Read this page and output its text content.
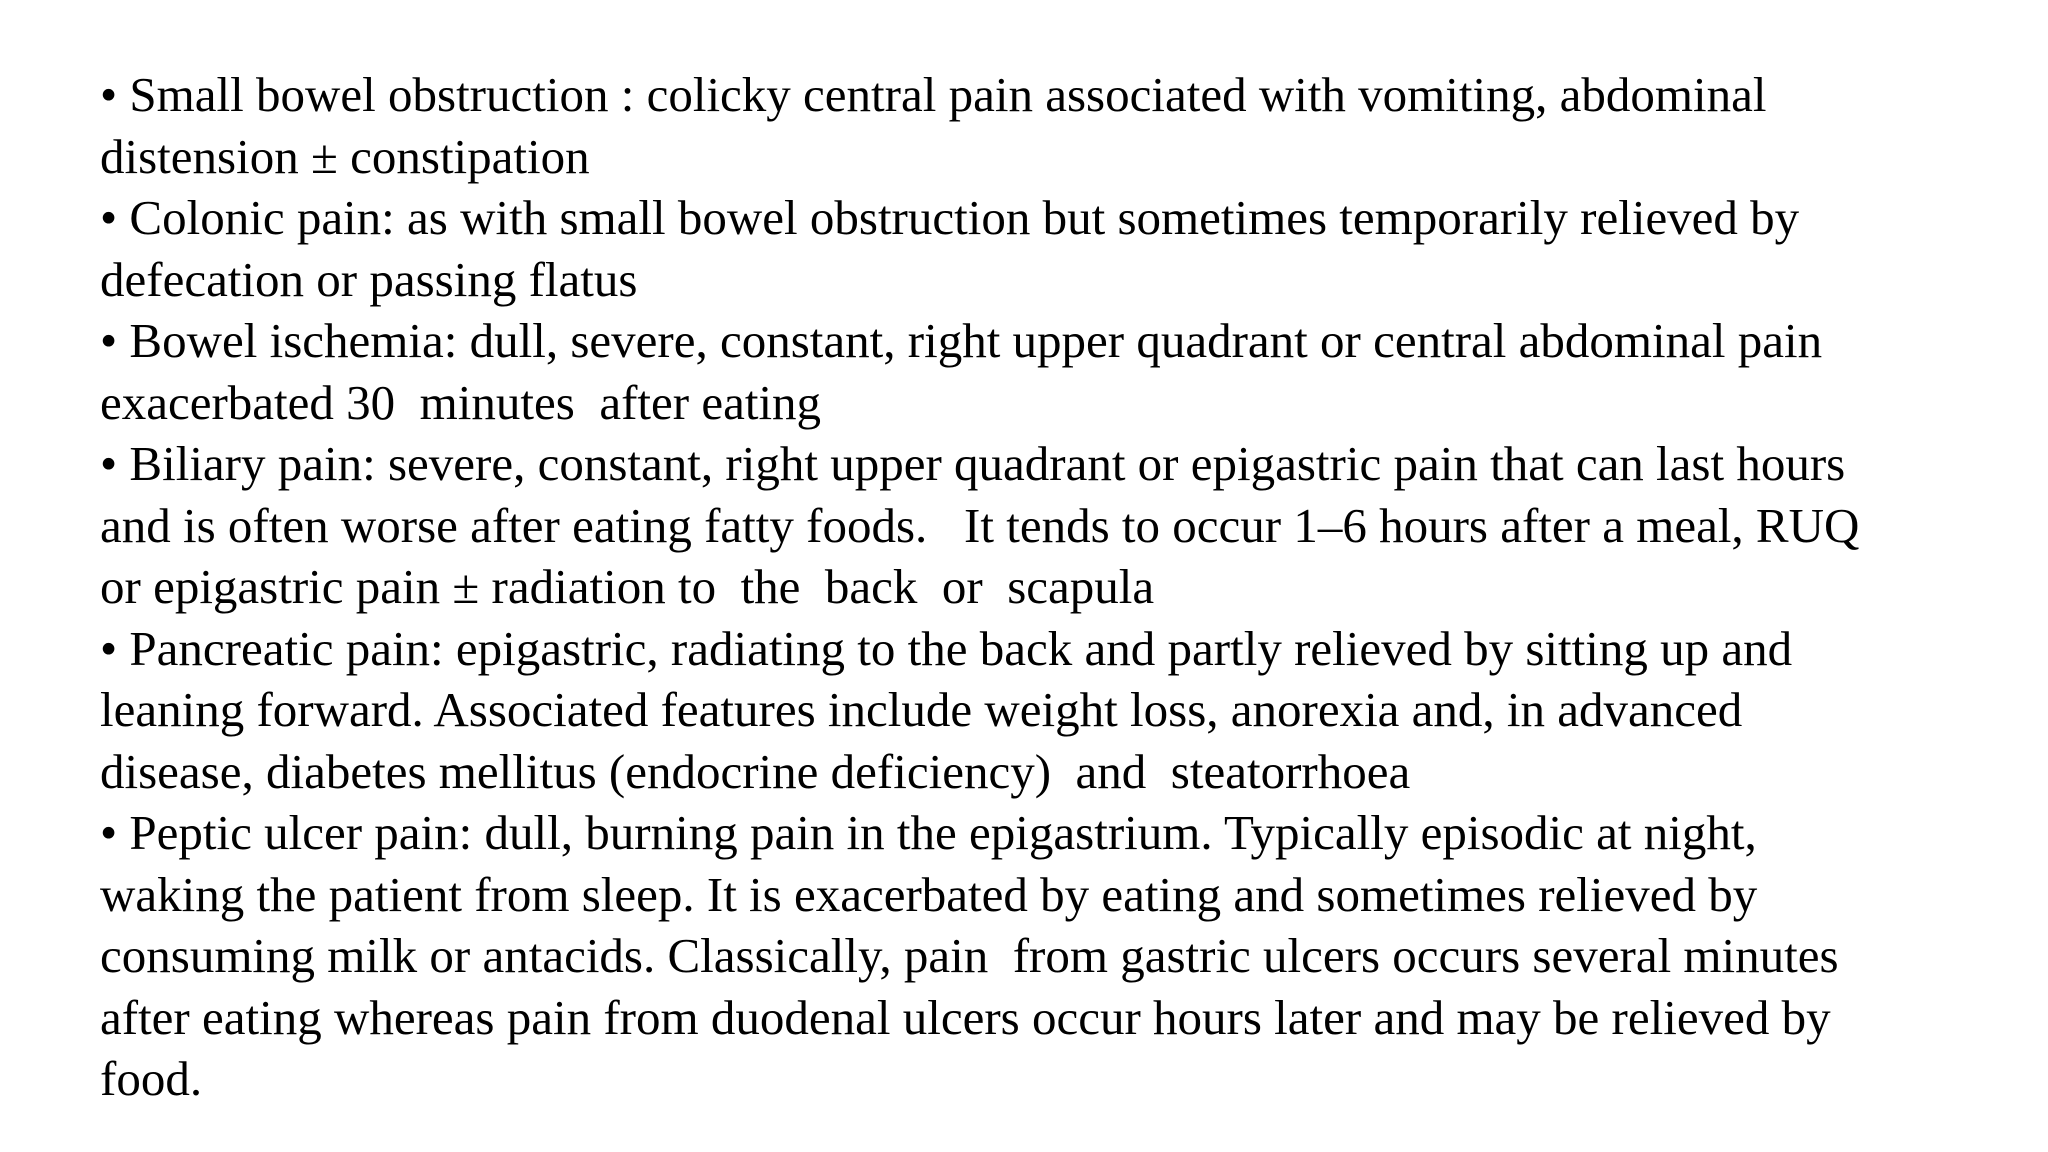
• Small bowel obstruction : colicky central pain associated with vomiting, abdominal
distension ± constipation
• Colonic pain: as with small bowel obstruction but sometimes temporarily relieved by
defecation or passing flatus
• Bowel ischemia: dull, severe, constant, right upper quadrant or central abdominal pain
exacerbated 30  minutes  after eating
• Biliary pain: severe, constant, right upper quadrant or epigastric pain that can last hours
and is often worse after eating fatty foods.   It tends to occur 1–6 hours after a meal, RUQ
or epigastric pain ± radiation to  the  back  or  scapula
• Pancreatic pain: epigastric, radiating to the back and partly relieved by sitting up and
leaning forward. Associated features include weight loss, anorexia and, in advanced
disease, diabetes mellitus (endocrine deficiency)  and  steatorrhoea
• Peptic ulcer pain: dull, burning pain in the epigastrium. Typically episodic at night,
waking the patient from sleep. It is exacerbated by eating and sometimes relieved by
consuming milk or antacids. Classically, pain  from gastric ulcers occurs several minutes
after eating whereas pain from duodenal ulcers occur hours later and may be relieved by
food.
